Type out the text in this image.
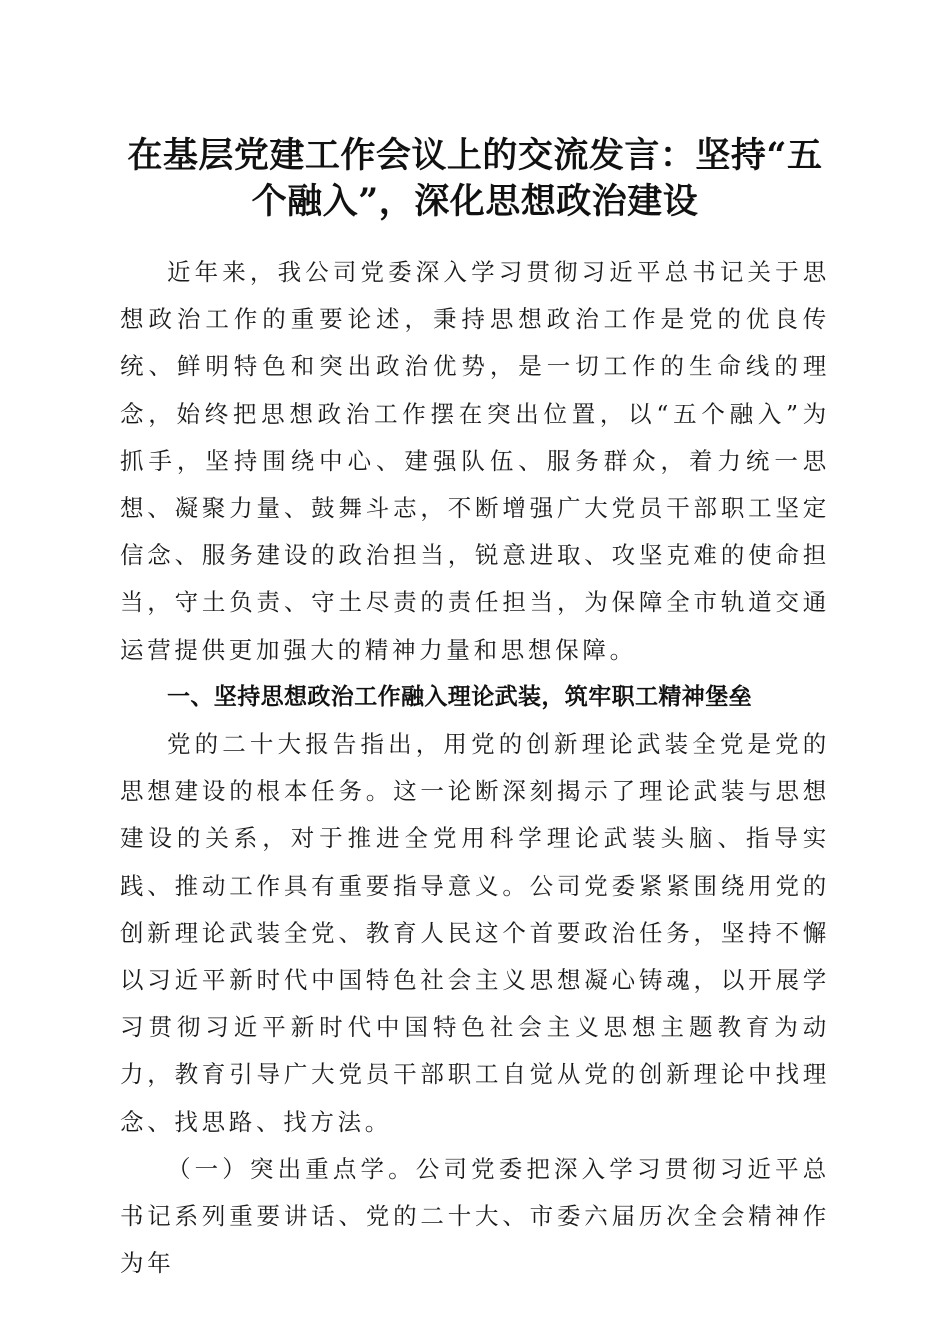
在基层党建工作会议上的交流发言：坚持“五个融入”，深化思想政治建设

近年来，我公司党委深入学习贯彻习近平总书记关于思想政治工作的重要论述，秉持思想政治工作是党的优良传统、鲜明特色和突出政治优势，是一切工作的生命线的理念，始终把思想政治工作摆在突出位置，以“五个融入”为抓手，坚持围绕中心、建强队伍、服务群众，着力统一思想、凝聚力量、鼓舞斗志，不断增强广大党员干部职工坚定信念、服务建设的政治担当，锐意进取、攻坚克难的使命担当，守土负责、守土尽责的责任担当，为保障全市轨道交通运营提供更加强大的精神力量和思想保障。

一、坚持思想政治工作融入理论武装，筑牢职工精神堡垒

党的二十大报告指出，用党的创新理论武装全党是党的思想建设的根本任务。这一论断深刻揭示了理论武装与思想建设的关系，对于推进全党用科学理论武装头脑、指导实践、推动工作具有重要指导意义。公司党委紧紧围绕用党的创新理论武装全党、教育人民这个首要政治任务，坚持不懈以习近平新时代中国特色社会主义思想凝心铸魂，以开展学习贯彻习近平新时代中国特色社会主义思想主题教育为动力，教育引导广大党员干部职工自觉从党的创新理论中找理念、找思路、找方法。

（一）突出重点学。公司党委把深入学习贯彻习近平总书记系列重要讲话、党的二十大、市委六届历次全会精神作为年
